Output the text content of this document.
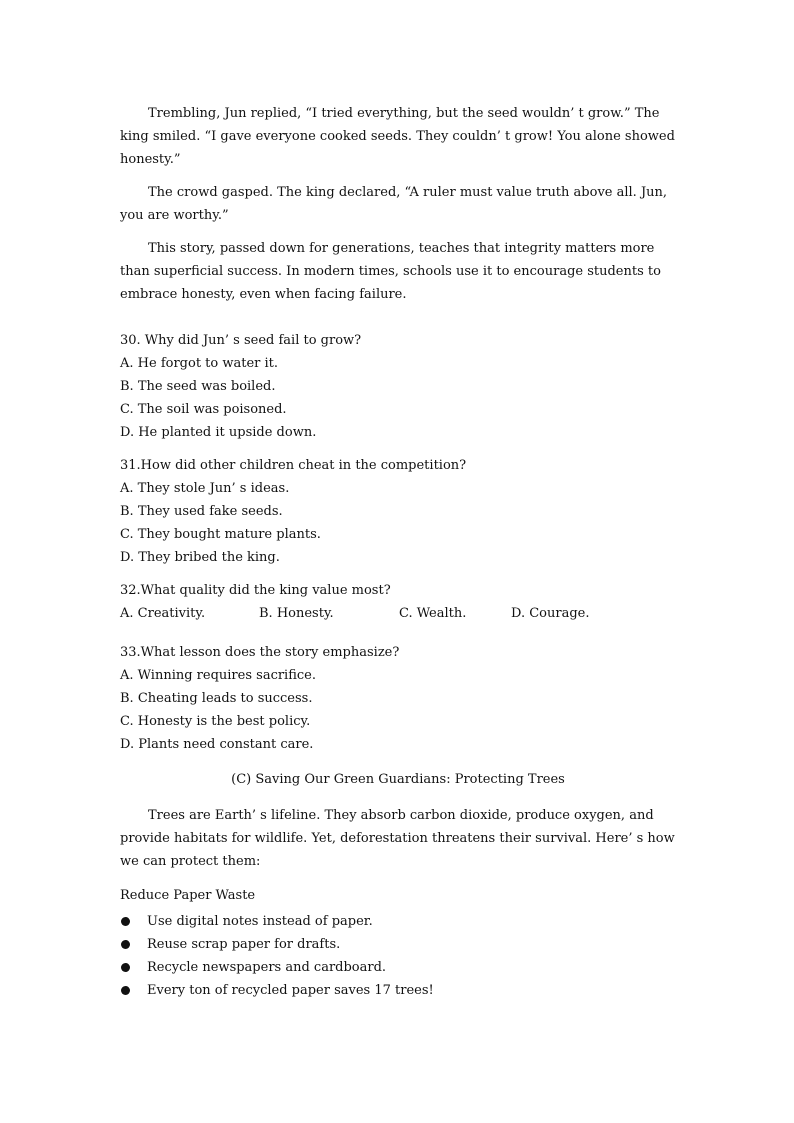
Trembling, Jun replied, “I tried everything, but the seed wouldn’ t grow.” The king smiled. “I gave everyone cooked seeds. They couldn’ t grow! You alone showed honesty.”

The crowd gasped. The king declared, “A ruler must value truth above all. Jun, you are worthy.”

This story, passed down for generations, teaches that integrity matters more than superficial success. In modern times, schools use it to encourage students to embrace honesty, even when facing failure.

30. Why did Jun’ s seed fail to grow?

A. He forgot to water it.

B. The seed was boiled.

C. The soil was poisoned.

D. He planted it upside down.

31.How did other children cheat in the competition?

A. They stole Jun’ s ideas.

B. They used fake seeds.

C. They bought mature plants.

D. They bribed the king.

32.What quality did the king value most?

A. Creativity.	B. Honesty.	C. Wealth.	D. Courage.

33.What lesson does the story emphasize?

A. Winning requires sacrifice.

B. Cheating leads to success.

C. Honesty is the best policy.

D. Plants need constant care.

(C) Saving Our Green Guardians: Protecting Trees

Trees are Earth’ s lifeline. They absorb carbon dioxide, produce oxygen, and provide habitats for wildlife. Yet, deforestation threatens their survival. Here’ s how we can protect them:

Reduce Paper Waste

Use digital notes instead of paper.
Reuse scrap paper for drafts.
Recycle newspapers and cardboard.
Every ton of recycled paper saves 17 trees!
